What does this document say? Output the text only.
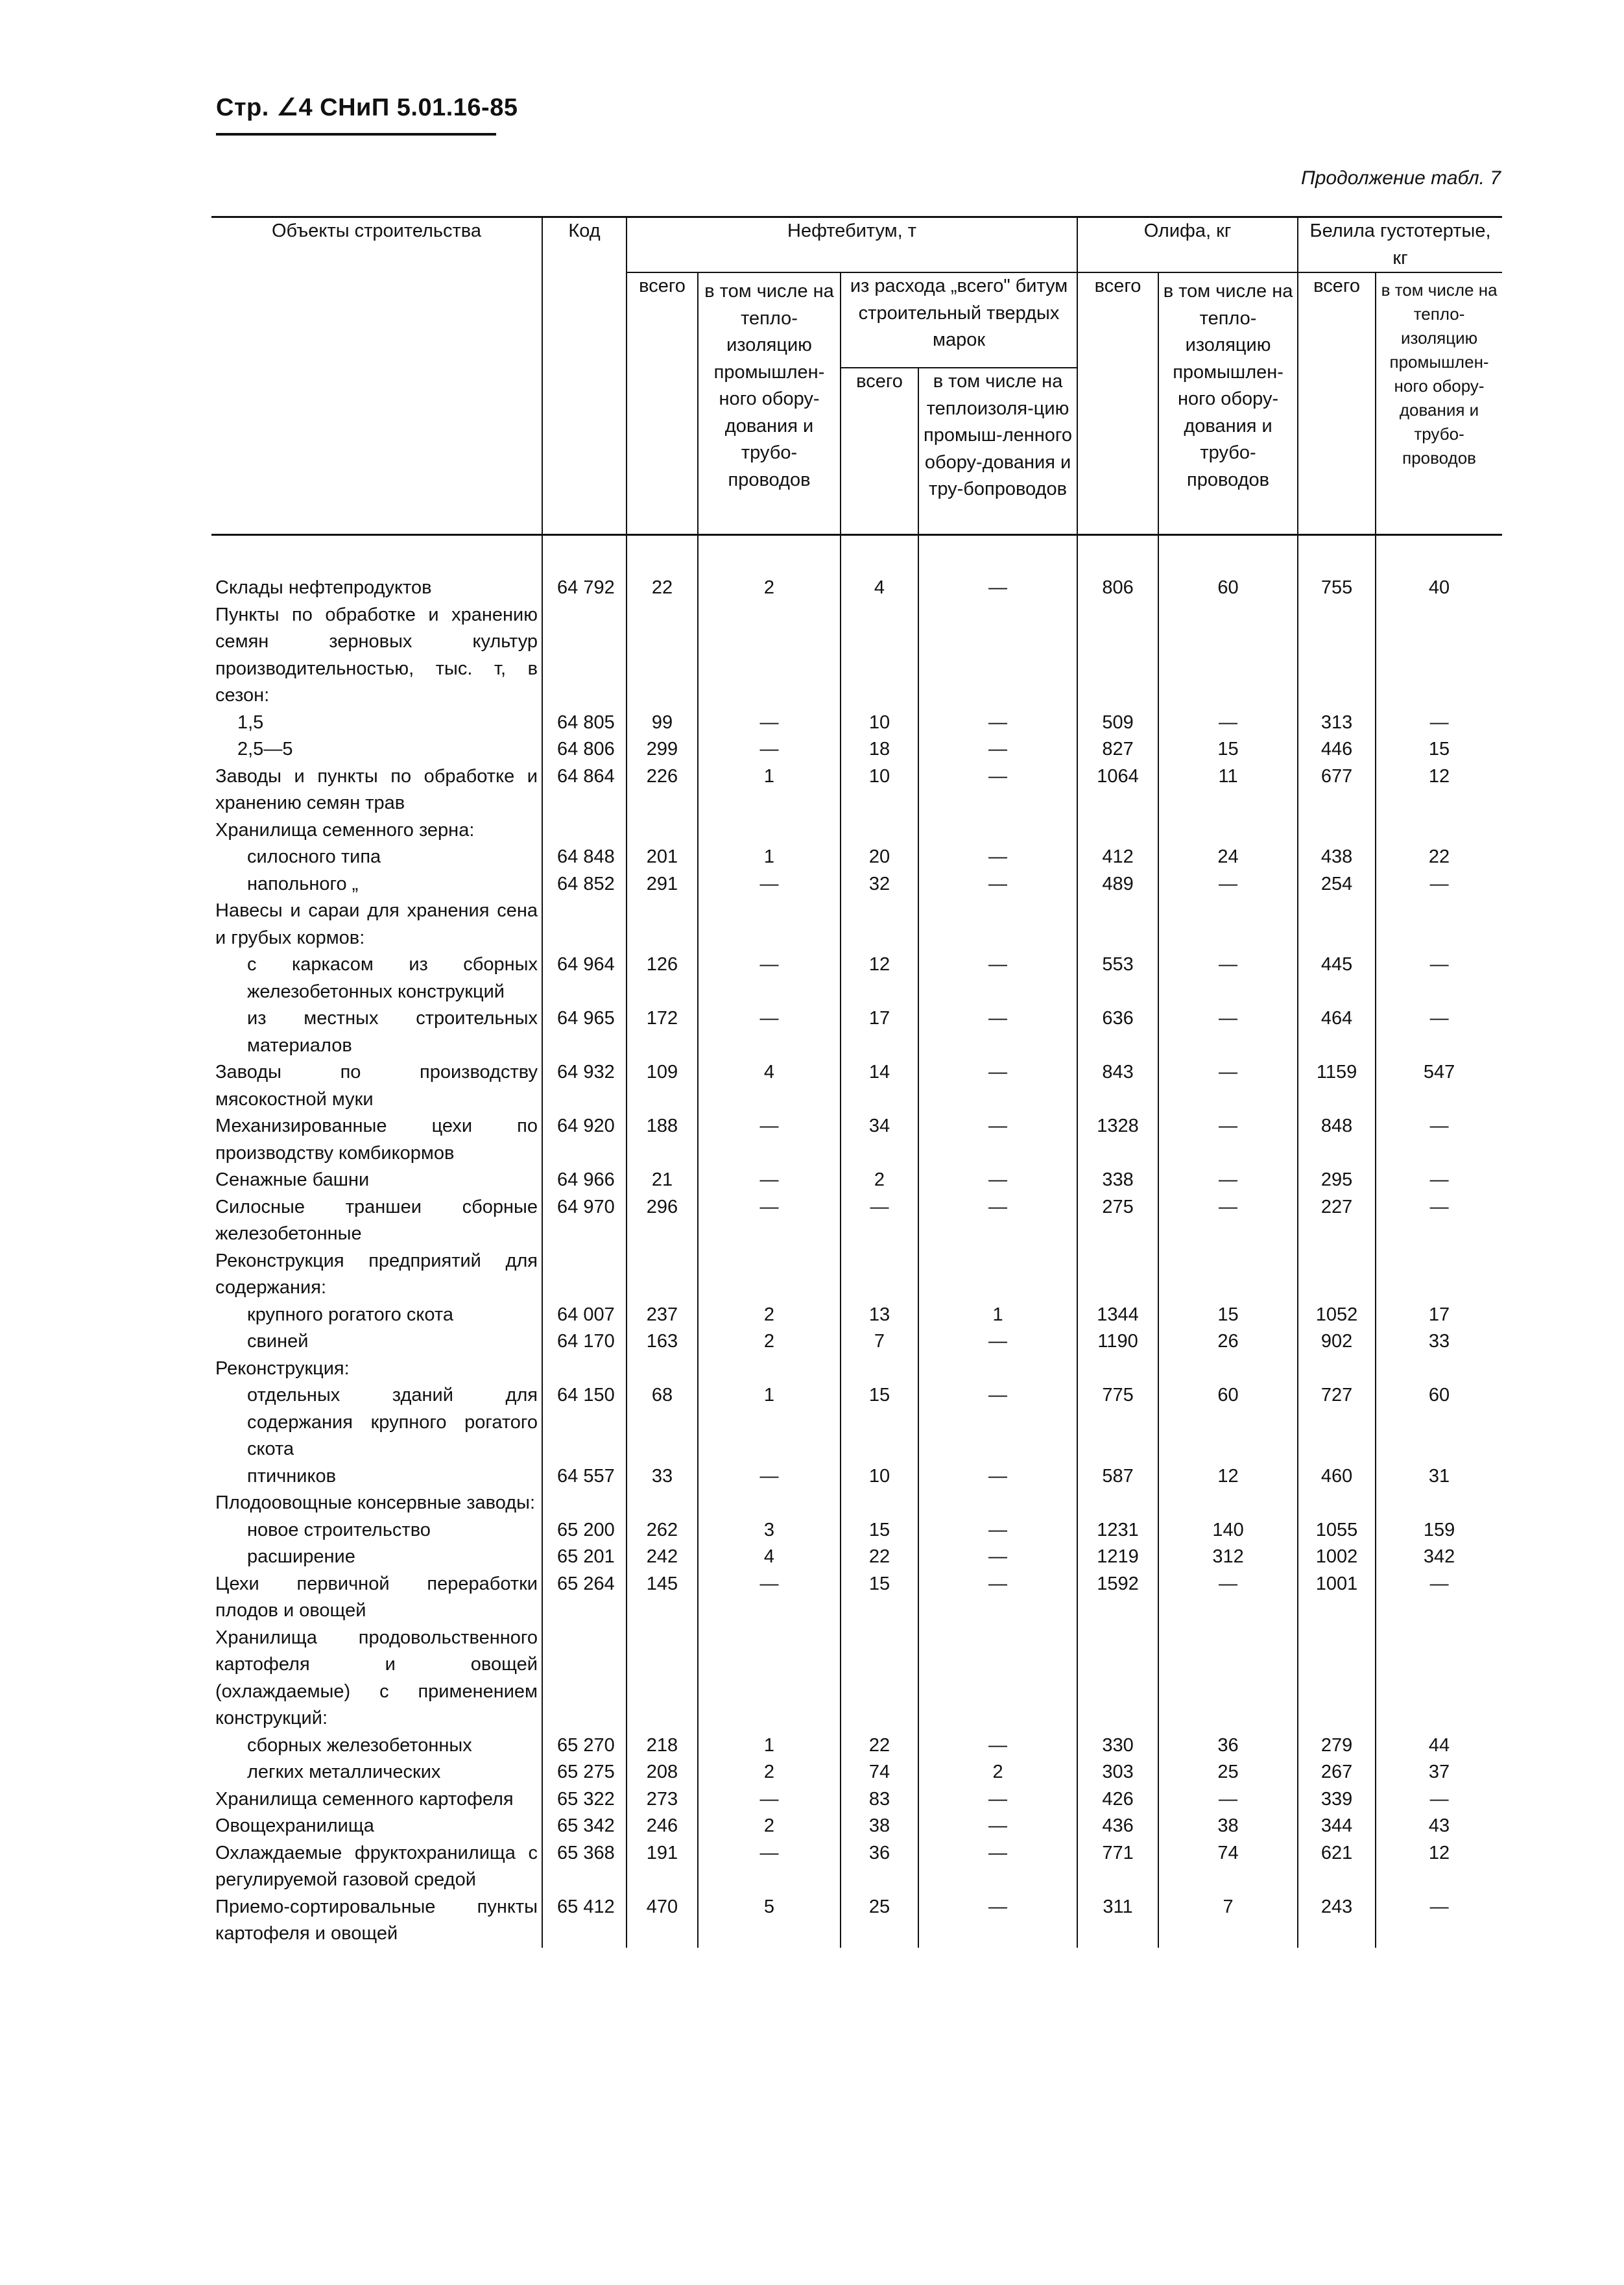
Стр. ∠4 СНиП 5.01.16-85
Продолжение табл. 7
Объекты строительства	Код	Нефтебитум, т				Олифа, кг		Белила густотертые, кг	
		всего	в том числе на тепло-изоляцию промышлен-ного обору-дования и трубо-проводов	из расхода „всего" битум строительный твердых марок		всего	в том числе на тепло-изоляцию промышлен-ного обору-дования и трубо-проводов	всего	в том числе на тепло-изоляцию промышлен-ного обору-дования и трубо-проводов
				всего	в том числе на теплоизоля-цию промыш-ленного обору-дования и тру-бопроводов				

Склады нефтепродуктов	64 792	22	2	4	—	806	60	755	40
Пункты по обработке и хранению семян зерновых культур производительностью, тыс. т, в сезон:									
1,5	64 805	99	—	10	—	509	—	313	—
2,5—5	64 806	299	—	18	—	827	15	446	15
Заводы и пункты по обработке и хранению семян трав	64 864	226	1	10	—	1064	11	677	12
Хранилища семенного зерна:									
силосного типа	64 848	201	1	20	—	412	24	438	22
напольного „	64 852	291	—	32	—	489	—	254	—
Навесы и сараи для хранения сена и грубых кормов:									
с каркасом из сборных железобетонных конструкций	64 964	126	—	12	—	553	—	445	—
из местных строительных материалов	64 965	172	—	17	—	636	—	464	—
Заводы по производству мясокостной муки	64 932	109	4	14	—	843	—	1159	547
Механизированные цехи по производству комбикормов	64 920	188	—	34	—	1328	—	848	—
Сенажные башни	64 966	21	—	2	—	338	—	295	—
Силосные траншеи сборные железобетонные	64 970	296	—	—	—	275	—	227	—
Реконструкция предприятий для содержания:									
крупного рогатого скота	64 007	237	2	13	1	1344	15	1052	17
свиней	64 170	163	2	7	—	1190	26	902	33
Реконструкция:									
отдельных зданий для содержания крупного рогатого скота	64 150	68	1	15	—	775	60	727	60
птичников	64 557	33	—	10	—	587	12	460	31
Плодоовощные консервные заводы:									
новое строительство	65 200	262	3	15	—	1231	140	1055	159
расширение	65 201	242	4	22	—	1219	312	1002	342
Цехи первичной переработки плодов и овощей	65 264	145	—	15	—	1592	—	1001	—
Хранилища продовольственного картофеля и овощей (охлаждаемые) с применением конструкций:									
сборных железобетонных	65 270	218	1	22	—	330	36	279	44
легких металлических	65 275	208	2	74	2	303	25	267	37
Хранилища семенного картофеля	65 322	273	—	83	—	426	—	339	—
Овощехранилища	65 342	246	2	38	—	436	38	344	43
Охлаждаемые фруктохранилища с регулируемой газовой средой	65 368	191	—	36	—	771	74	621	12
Приемо-сортировальные пункты картофеля и овощей	65 412	470	5	25	—	311	7	243	—
